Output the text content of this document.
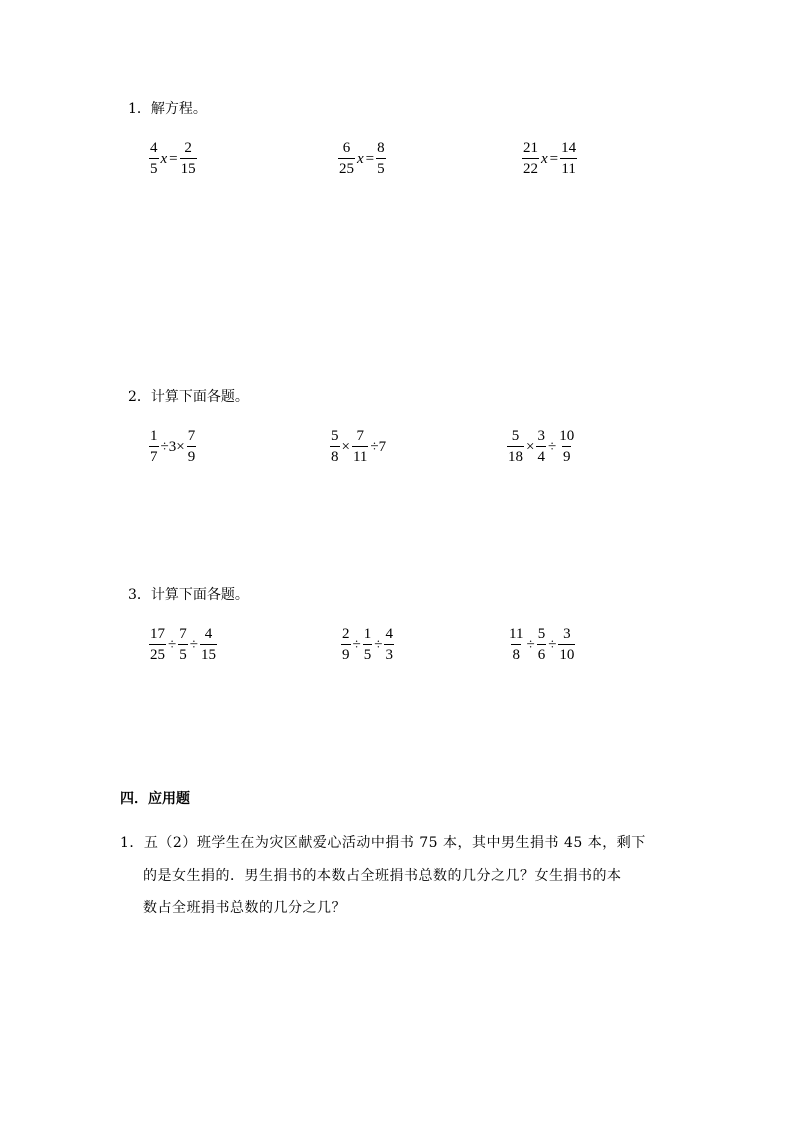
1．解方程。
$\frac{4}{5}$ $x = \frac{2}{15}$	$\frac{6}{25}$ $x = \frac{8}{5}$	$\frac{21}{22}$ $x = \frac{14}{11}$
2．计算下面各题。
$\frac{1}{7} \div 3\times \frac{7}{9}$	$\frac{5}{8} \times \frac{7}{11} \div 7$	$\frac{5}{18} \times \frac{3}{4} \div \frac{10}{9}$
3．计算下面各题。
$\frac{17}{25} \div \frac{7}{5} \div \frac{4}{15}$	$\frac{2}{9} \div \frac{1}{5} \div \frac{4}{3}$	$\frac{11}{8} \div \frac{5}{6} \div \frac{3}{10}$
四．应用题
1．五（2）班学生在为灾区献爱心活动中捐书 75 本，其中男生捐书 45 本，剩下
的是女生捐的．男生捐书的本数占全班捐书总数的几分之几？女生捐书的本
数占全班捐书总数的几分之几？
